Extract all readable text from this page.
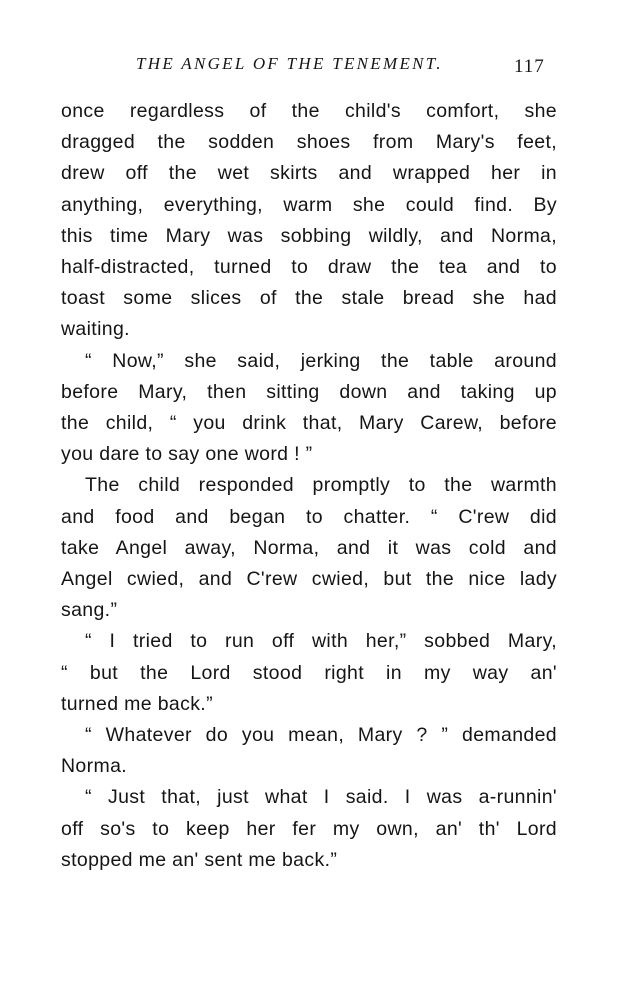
THE ANGEL OF THE TENEMENT.	117
once regardless of the child's comfort, she
dragged the sodden shoes from Mary's feet,
drew off the wet skirts and wrapped her in
anything, everything, warm she could find. By
this time Mary was sobbing wildly, and Norma,
half-distracted, turned to draw the tea and to
toast some slices of the stale bread she had
waiting.
“ Now,” she said, jerking the table around
before Mary, then sitting down and taking up
the child, “ you drink that, Mary Carew, before
you dare to say one word ! ”
The child responded promptly to the warmth
and food and began to chatter. “ C'rew did
take Angel away, Norma, and it was cold and
Angel cwied, and C'rew cwied, but the nice lady
sang.”
“ I tried to run off with her,” sobbed Mary,
“ but the Lord stood right in my way an'
turned me back.”
“ Whatever do you mean, Mary ? ” demanded
Norma.
“ Just that, just what I said. I was a-runnin'
off so's to keep her fer my own, an' th' Lord
stopped me an' sent me back.”
